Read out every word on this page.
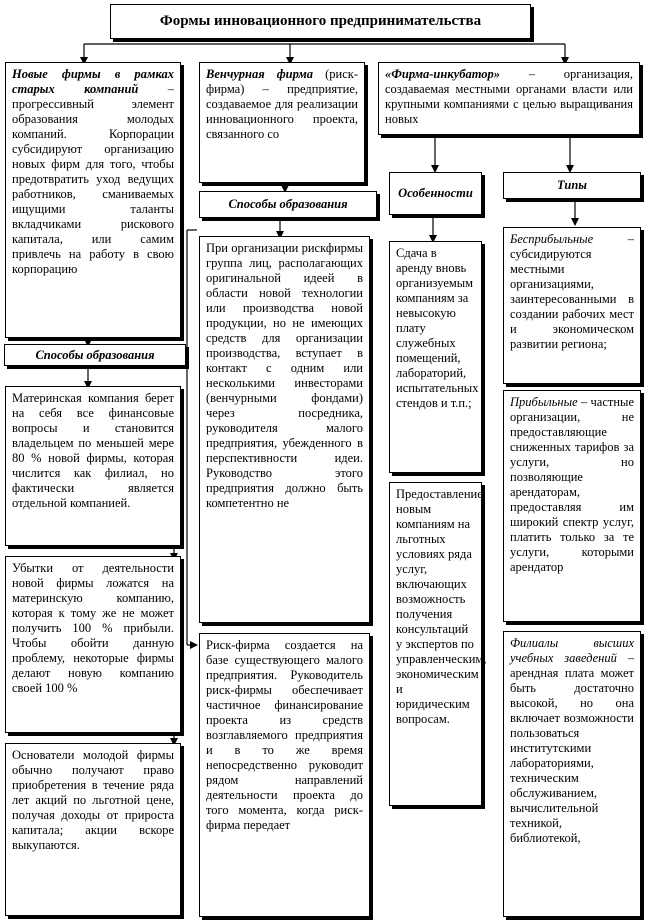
Формы инновационного предпринимательства
Новые фирмы в рамках старых компаний – прогрессивный элемент образования молодых компаний. Корпорации субсидируют организацию новых фирм для того, чтобы предотвратить уход ведущих работников, сманиваемых ищущими таланты вкладчиками рискового капитала, или самим привлечь на работу в свою корпорацию
Способы образования
Материнская компания берет на себя все финансовые вопросы и становится владельцем по меньшей мере 80 % новой фирмы, которая числится как филиал, но фактически является отдельной компанией.
Убытки от деятельности новой фирмы ложатся на материнскую компанию, которая к тому же не может получить 100 % прибыли. Чтобы обойти данную проблему, некоторые фирмы делают новую компанию своей 100 %
Основатели молодой фирмы обычно получают право приобретения в течение ряда лет акций по льготной цене, получая доходы от прироста капитала; акции вскоре выкупаются.
Венчурная фирма (риск-фирма) – предприятие, создаваемое для реализации инновационного проекта, связанного со
Способы образования
При организации рискфирмы группа лиц, располагающих оригинальной идеей в области новой технологии или производства новой продукции, но не имеющих средств для организации производства, вступает в контакт с одним или несколькими инвесторами (венчурными фондами) через посредника, руководителя малого предприятия, убежденного в перспективности идеи. Руководство этого предприятия должно быть компетентно не
Риск-фирма создается на базе существующего малого предприятия. Руководитель риск-фирмы обеспечивает частичное финансирование проекта из средств возглавляемого предприятия и в то же время непосредственно руководит рядом направлений деятельности проекта до того момента, когда риск-фирма передает
«Фирма-инкубатор» – организация, создаваемая местными органами власти или крупными компаниями с целью выращивания новых
Особенности
Сдача в аренду вновь организуемым компаниям за невысокую плату служебных помещений, лабораторий, испытательных стендов и т.п.;
Предоставление новым компаниям на льготных условиях ряда услуг, включающих возможность получения консультаций у экспертов по управленческим, экономическим и юридическим вопросам.
Типы
Бесприбыльные – субсидируются местными организациями, заинтересованными в создании рабочих мест и экономическом развитии региона;
Прибыльные – частные организации, не предоставляющие сниженных тарифов за услуги, но позволяющие арендаторам, предоставляя им широкий спектр услуг, платить только за те услуги, которыми арендатор
Филиалы высших учебных заведений – арендная плата может быть достаточно высокой, но она включает возможности пользоваться институтскими лабораториями, техническим обслуживанием, вычислительной техникой, библиотекой,
